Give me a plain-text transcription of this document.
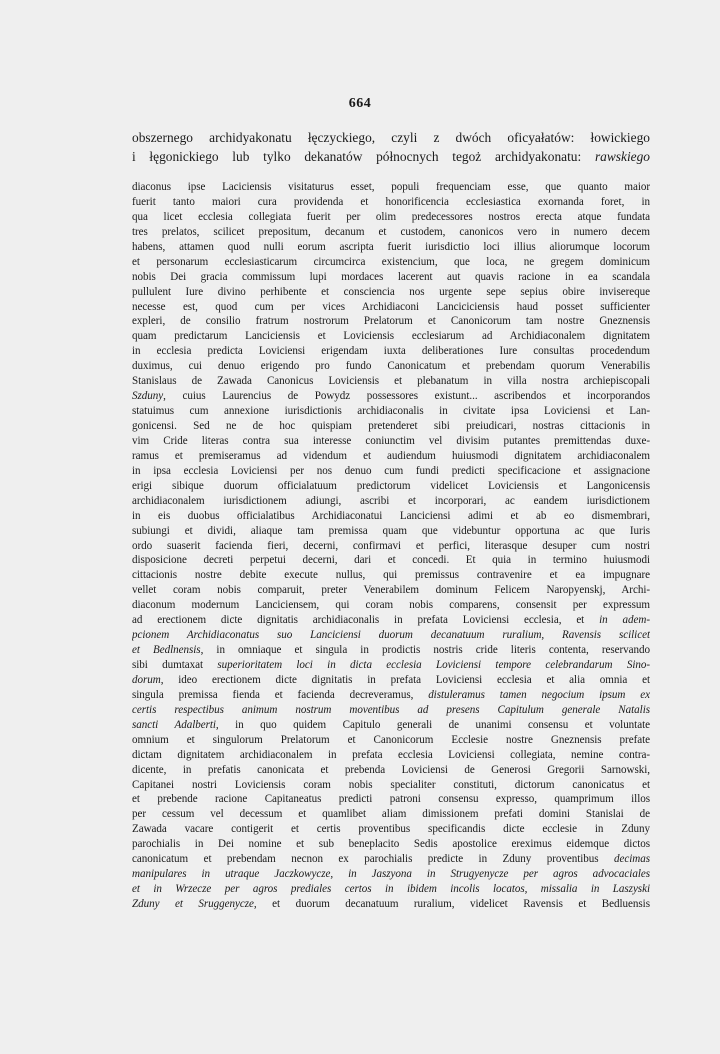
664
obszernego archidyakonatu łęczyckiego, czyli z dwóch oficyałatów: łowickiego
i łęgonickiego lub tylko dekanatów północnych tegoż archidyakonatu: rawskiego
diaconus ipse Laciciensis visitaturus esset, populi frequenciam esse, que quanto maior
fuerit tanto maiori cura providenda et honorificencia ecclesiastica exornanda foret, in
qua licet ecclesia collegiata fuerit per olim predecessores nostros erecta atque fundata
tres prelatos, scilicet prepositum, decanum et custodem, canonicos vero in numero decem
habens, attamen quod nulli eorum ascripta fuerit iurisdictio loci illius aliorumque locorum
et personarum ecclesiasticarum circumcirca existencium, que loca, ne gregem dominicum
nobis Dei gracia commissum lupi mordaces lacerent aut quavis racione in ea scandala
pullulent Iure divino perhibente et consciencia nos urgente sepe sepius obire invisereque
necesse est, quod cum per vices Archidiaconi Lanciciciensis haud posset sufficienter
expleri, de consilio fratrum nostrorum Prelatorum et Canonicorum tam nostre Gneznensis
quam predictarum Lanciciensis et Loviciensis ecclesiarum ad Archidiaconalem dignitatem
in ecclesia predicta Loviciensi erigendam iuxta deliberationes Iure consultas procedendum
duximus, cui denuo erigendo pro fundo Canonicatum et prebendam quorum Venerabilis
Stanislaus de Zawada Canonicus Loviciensis et plebanatum in villa nostra archiepiscopali
Szduny, cuius Laurencius de Powydz possessores existunt... ascribendos et incorporandos
statuimus cum annexione iurisdictionis archidiaconalis in civitate ipsa Loviciensi et Lan-
gonicensi. Sed ne de hoc quispiam pretenderet sibi preiudicari, nostras cittacionis in
vim Cride literas contra sua interesse coniunctim vel divisim putantes premittendas duxe-
ramus et premiseramus ad videndum et audiendum huiusmodi dignitatem archidiaconalem
in ipsa ecclesia Loviciensi per nos denuo cum fundi predicti specificacione et assignacione
erigi sibique duorum officialatuum predictorum videlicet Loviciensis et Langonicensis
archidiaconalem iurisdictionem adiungi, ascribi et incorporari, ac eandem iurisdictionem
in eis duobus officialatibus Archidiaconatui Lanciciensi adimi et ab eo dismembrari,
subiungi et dividi, aliaque tam premissa quam que videbuntur opportuna ac que Iuris
ordo suaserit facienda fieri, decerni, confirmavi et perfici, literasque desuper cum nostri
disposicione decreti perpetui decerni, dari et concedi. Et quia in termino huiusmodi
cittacionis nostre debite execute nullus, qui premissus contravenire et ea impugnare
vellet coram nobis comparuit, preter Venerabilem dominum Felicem Naropyenskj, Archi-
diaconum modernum Lanciciensem, qui coram nobis comparens, consensit per expressum
ad erectionem dicte dignitatis archidiaconalis in prefata Loviciensi ecclesia, et in adem-
pcionem Archidiaconatus suo Lanciciensi duorum decanatuum ruralium, Ravensis scilicet
et Bedlnensis, in omniaque et singula in prodictis nostris cride literis contenta, reservando
sibi dumtaxat superioritatem loci in dicta ecclesia Loviciensi tempore celebrandarum Sino-
dorum, ideo erectionem dicte dignitatis in prefata Loviciensi ecclesia et alia omnia et
singula premissa fienda et facienda decreveramus, distuleramus tamen negocium ipsum ex
certis respectibus animum nostrum moventibus ad presens Capitulum generale Natalis
sancti Adalberti, in quo quidem Capitulo generali de unanimi consensu et voluntate
omnium et singulorum Prelatorum et Canonicorum Ecclesie nostre Gneznensis prefate
dictam dignitatem archidiaconalem in prefata ecclesia Loviciensi collegiata, nemine contra-
dicente, in prefatis canonicata et prebenda Loviciensi de Generosi Gregorii Sarnowski,
Capitanei nostri Loviciensis coram nobis specialiter constituti, dictorum canonicatus et
et prebende racione Capitaneatus predicti patroni consensu expresso, quamprimum illos
per cessum vel decessum et quamlibet aliam dimissionem prefati domini Stanislai de
Zawada vacare contigerit et certis proventibus specificandis dicte ecclesie in Zduny
parochialis in Dei nomine et sub beneplacito Sedis apostolice ereximus eidemque dictos
canonicatum et prebendam necnon ex parochialis predicte in Zduny proventibus decimas
manipulares in utraque Jaczkowycze, in Jaszyona in Strugyenycze per agros advocaciales
et in Wrzecze per agros prediales certos in ibidem incolis locatos, missalia in Laszyski
Zduny et Sruggenycze, et duorum decanatuum ruralium, videlicet Ravensis et Bedluensis
